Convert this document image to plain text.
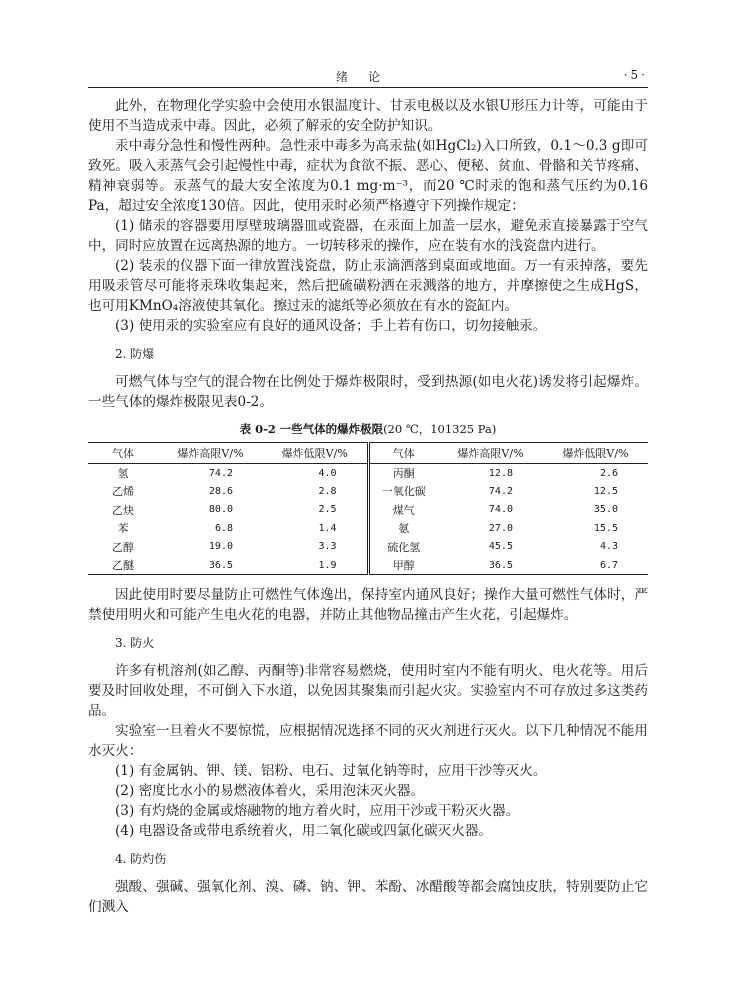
绪论	·5·

此外，在物理化学实验中会使用水银温度计、甘汞电极以及水银U形压力计等，可能由于使用不当造成汞中毒。因此，必须了解汞的安全防护知识。

汞中毒分急性和慢性两种。急性汞中毒多为高汞盐(如HgCl₂)入口所致，0.1～0.3 g即可致死。吸入汞蒸气会引起慢性中毒，症状为食欲不振、恶心、便秘、贫血、骨骼和关节疼痛、精神衰弱等。汞蒸气的最大安全浓度为0.1 mg·m⁻³，而20 ℃时汞的饱和蒸气压约为0.16 Pa，超过安全浓度130倍。因此，使用汞时必须严格遵守下列操作规定：

(1) 储汞的容器要用厚壁玻璃器皿或瓷器，在汞面上加盖一层水，避免汞直接暴露于空气中，同时应放置在远离热源的地方。一切转移汞的操作，应在装有水的浅瓷盘内进行。

(2) 装汞的仪器下面一律放置浅瓷盘，防止汞滴洒落到桌面或地面。万一有汞掉落，要先用吸汞管尽可能将汞珠收集起来，然后把硫磺粉洒在汞溅落的地方，并摩擦使之生成HgS，也可用KMnO₄溶液使其氧化。擦过汞的滤纸等必须放在有水的瓷缸内。

(3) 使用汞的实验室应有良好的通风设备；手上若有伤口，切勿接触汞。

2. 防爆

可燃气体与空气的混合物在比例处于爆炸极限时，受到热源(如电火花)诱发将引起爆炸。一些气体的爆炸极限见表0-2。

表 0-2 一些气体的爆炸极限(20 ℃，101325 Pa)
气体	爆炸高限V/%	爆炸低限V/%	气体	爆炸高限V/%	爆炸低限V/%
氢	74.2	4.0	丙酮	12.8	2.6
乙烯	28.6	2.8	一氧化碳	74.2	12.5
乙炔	80.0	2.5	煤气	74.0	35.0
苯	6.8	1.4	氨	27.0	15.5
乙醇	19.0	3.3	硫化氢	45.5	4.3
乙醚	36.5	1.9	甲醇	36.5	6.7

因此使用时要尽量防止可燃性气体逸出，保持室内通风良好；操作大量可燃性气体时，严禁使用明火和可能产生电火花的电器，并防止其他物品撞击产生火花，引起爆炸。

3. 防火

许多有机溶剂(如乙醇、丙酮等)非常容易燃烧，使用时室内不能有明火、电火花等。用后要及时回收处理，不可倒入下水道，以免因其聚集而引起火灾。实验室内不可存放过多这类药品。

实验室一旦着火不要惊慌，应根据情况选择不同的灭火剂进行灭火。以下几种情况不能用水灭火：

(1) 有金属钠、钾、镁、铝粉、电石、过氧化钠等时，应用干沙等灭火。

(2) 密度比水小的易燃液体着火，采用泡沫灭火器。

(3) 有灼烧的金属或熔融物的地方着火时，应用干沙或干粉灭火器。

(4) 电器设备或带电系统着火，用二氧化碳或四氯化碳灭火器。

4. 防灼伤

强酸、强碱、强氧化剂、溴、磷、钠、钾、苯酚、冰醋酸等都会腐蚀皮肤，特别要防止它们溅入
